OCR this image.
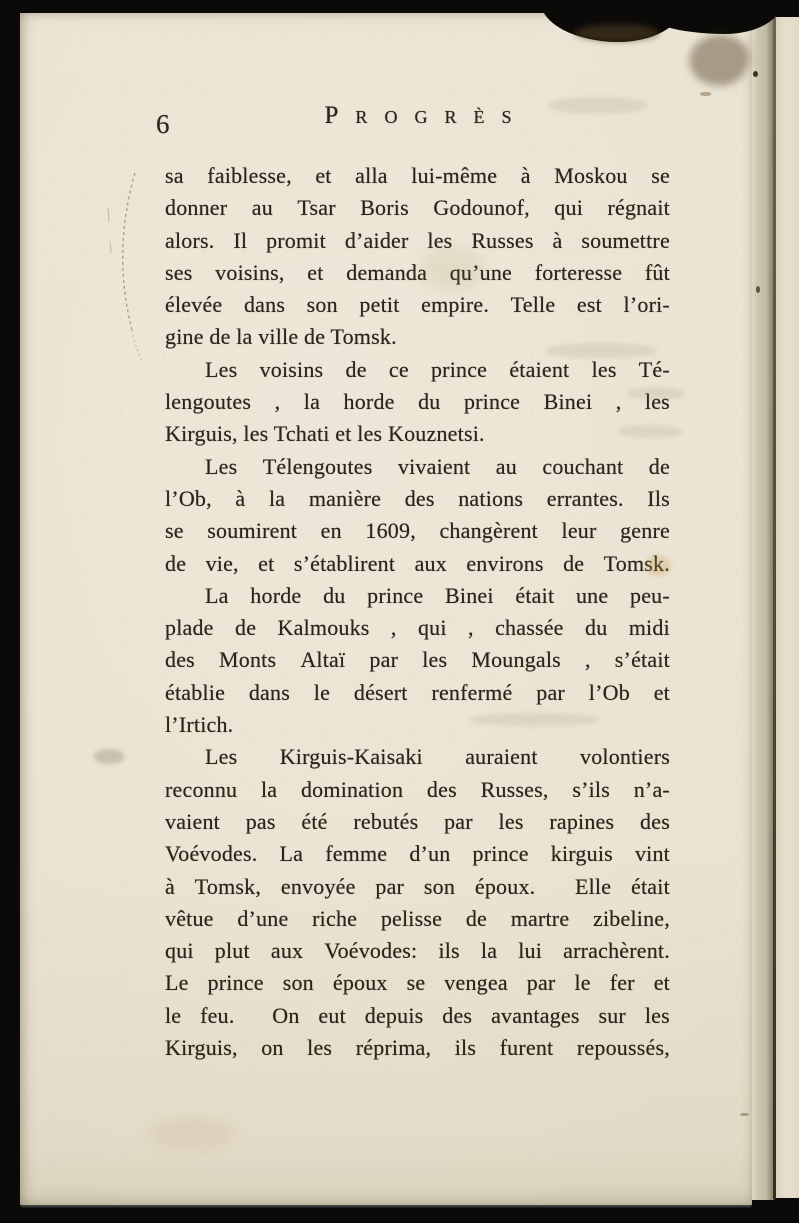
6	Progrès
sa faiblesse, et alla lui-même à Moskou se
donner au Tsar Boris Godounof, qui régnait
alors. Il promit d’aider les Russes à soumettre
ses voisins, et demanda qu’une forteresse fût
élevée dans son petit empire. Telle est l’ori-
gine de la ville de Tomsk.
Les voisins de ce prince étaient les Té-
lengoutes , la horde du prince Binei , les
Kirguis, les Tchati et les Kouznetsi.
Les Télengoutes vivaient au couchant de
l’Ob, à la manière des nations errantes. Ils
se soumirent en 1609, changèrent leur genre
de vie, et s’établirent aux environs de Tomsk.
La horde du prince Binei était une peu-
plade de Kalmouks , qui , chassée du midi
des Monts Altaï par les Moungals , s’était
établie dans le désert renfermé par l’Ob et
l’Irtich.
Les Kirguis-Kaisaki auraient volontiers
reconnu la domination des Russes, s’ils n’a-
vaient pas été rebutés par les rapines des
Voévodes. La femme d’un prince kirguis vint
à Tomsk, envoyée par son époux. Elle était
vêtue d’une riche pelisse de martre zibeline,
qui plut aux Voévodes: ils la lui arrachèrent.
Le prince son époux se vengea par le fer et
le feu. On eut depuis des avantages sur les
Kirguis, on les réprima, ils furent repoussés,
